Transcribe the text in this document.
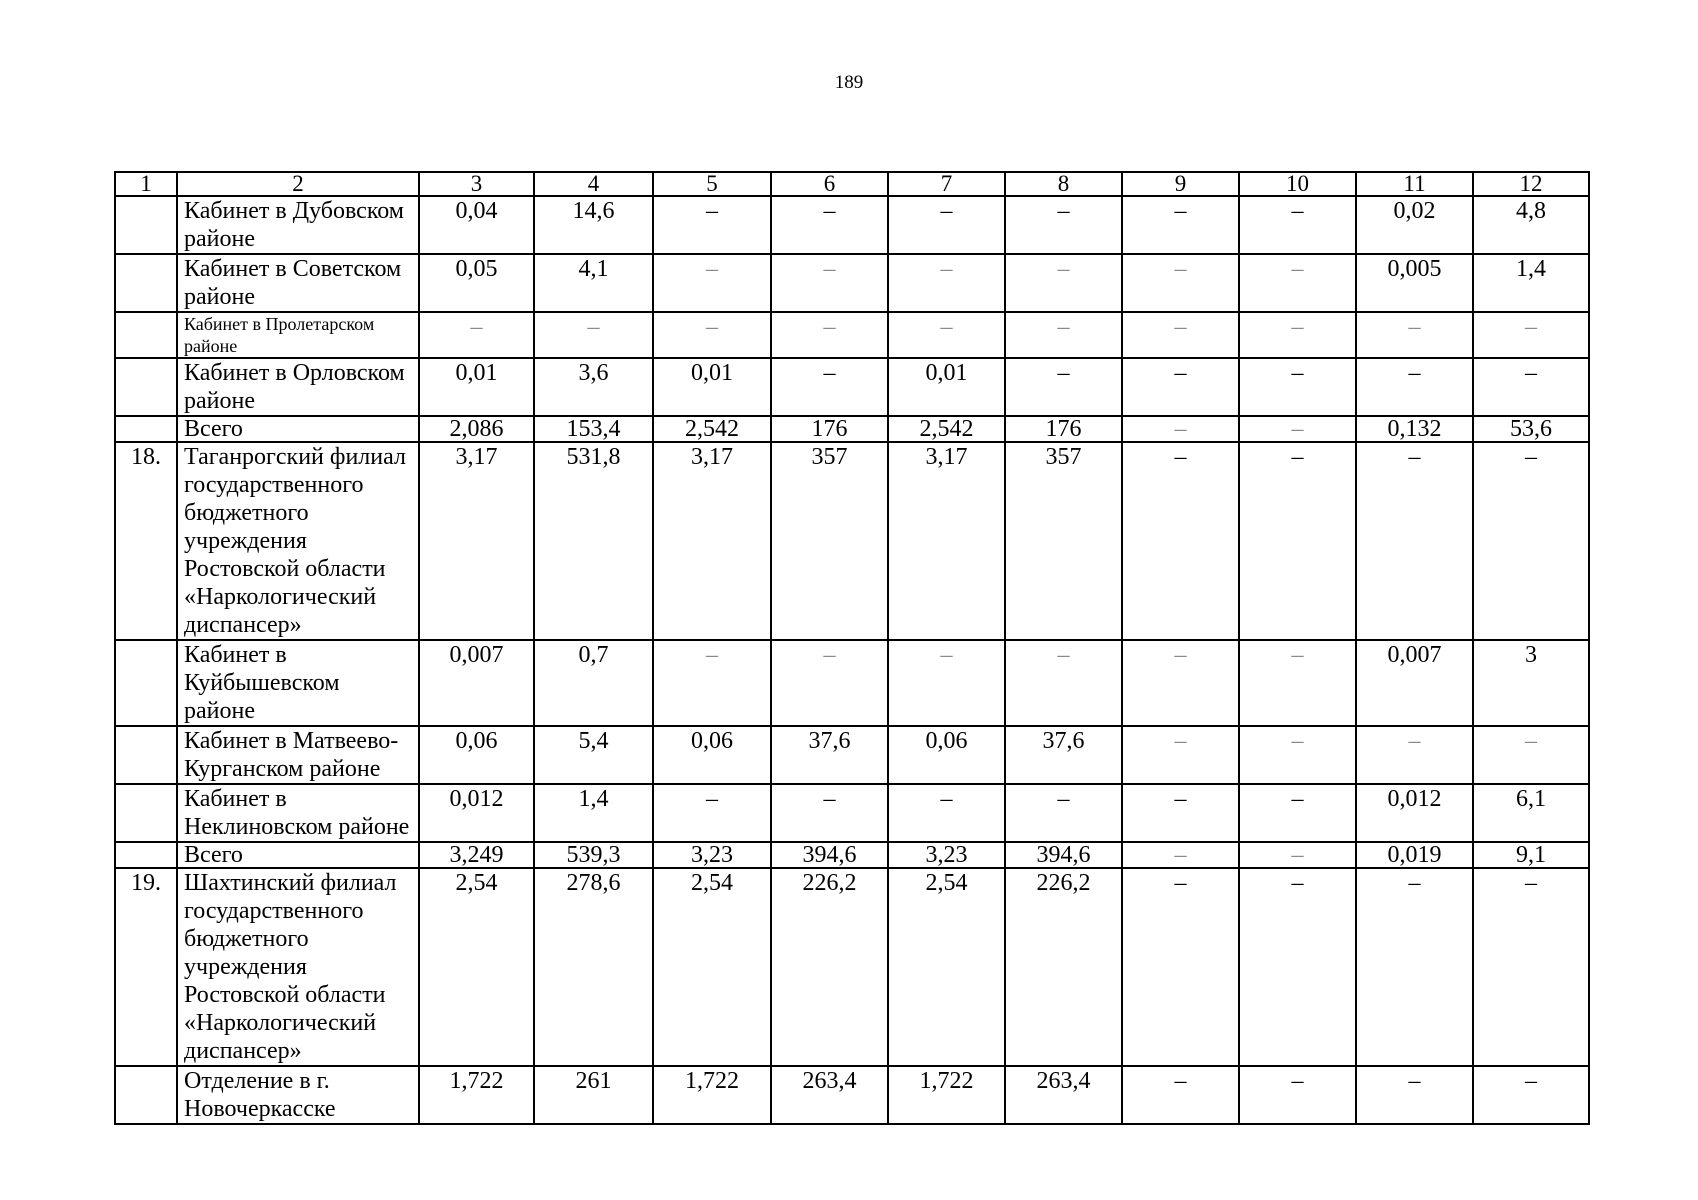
189
1	2	3	4	5	6	7	8	9	10	11	12
	Кабинет в Дубовском районе	0,04	14,6	–	–	–	–	–	–	0,02	4,8
	Кабинет в Советском районе	0,05	4,1	–	–	–	–	–	–	0,005	1,4
	Кабинет в Пролетарском районе	–	–	–	–	–	–	–	–	–	–
	Кабинет в Орловском районе	0,01	3,6	0,01	–	0,01	–	–	–	–	–
	Всего	2,086	153,4	2,542	176	2,542	176	–	–	0,132	53,6
18.	Таганрогский филиал государственного бюджетного учреждения Ростовской области «Наркологический диспансер»	3,17	531,8	3,17	357	3,17	357	–	–	–	–
	Кабинет в Куйбышевском районе	0,007	0,7	–	–	–	–	–	–	0,007	3
	Кабинет в Матвеево-Курганском районе	0,06	5,4	0,06	37,6	0,06	37,6	–	–	–	–
	Кабинет в Неклиновском районе	0,012	1,4	–	–	–	–	–	–	0,012	6,1
	Всего	3,249	539,3	3,23	394,6	3,23	394,6	–	–	0,019	9,1
19.	Шахтинский филиал государственного бюджетного учреждения Ростовской области «Наркологический диспансер»	2,54	278,6	2,54	226,2	2,54	226,2	–	–	–	–
	Отделение в г. Новочеркасске	1,722	261	1,722	263,4	1,722	263,4	–	–	–	–
